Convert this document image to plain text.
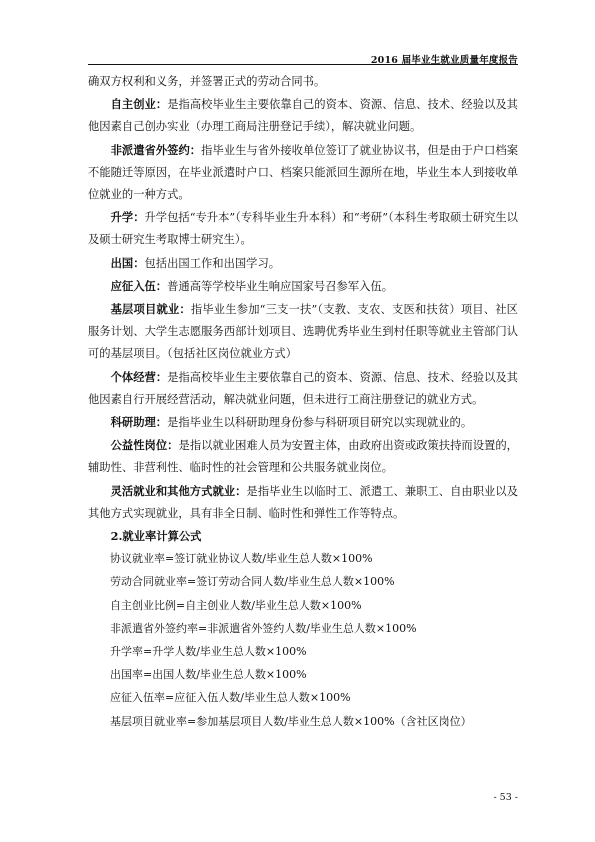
2016 届毕业生就业质量年度报告

确双方权利和义务，并签署正式的劳动合同书。

自主创业：是指高校毕业生主要依靠自己的资本、资源、信息、技术、经验以及其他因素自己创办实业（办理工商局注册登记手续），解决就业问题。

非派遣省外签约：指毕业生与省外接收单位签订了就业协议书，但是由于户口档案不能随迁等原因，在毕业派遣时户口、档案只能派回生源所在地，毕业生本人到接收单位就业的一种方式。

升学：升学包括“专升本”（专科毕业生升本科）和“考研”（本科生考取硕士研究生以及硕士研究生考取博士研究生）。

出国：包括出国工作和出国学习。

应征入伍：普通高等学校毕业生响应国家号召参军入伍。

基层项目就业：指毕业生参加“三支一扶”（支教、支农、支医和扶贫）项目、社区服务计划、大学生志愿服务西部计划项目、选聘优秀毕业生到村任职等就业主管部门认可的基层项目。（包括社区岗位就业方式）

个体经营：是指高校毕业生主要依靠自己的资本、资源、信息、技术、经验以及其他因素自行开展经营活动，解决就业问题，但未进行工商注册登记的就业方式。

科研助理：是指毕业生以科研助理身份参与科研项目研究以实现就业的。

公益性岗位：是指以就业困难人员为安置主体，由政府出资或政策扶持而设置的，辅助性、非营利性、临时性的社会管理和公共服务就业岗位。

灵活就业和其他方式就业：是指毕业生以临时工、派遣工、兼职工、自由职业以及其他方式实现就业，具有非全日制、临时性和弹性工作等特点。

2.就业率计算公式

协议就业率=签订就业协议人数/毕业生总人数×100%

劳动合同就业率=签订劳动合同人数/毕业生总人数×100%

自主创业比例=自主创业人数/毕业生总人数×100%

非派遣省外签约率=非派遣省外签约人数/毕业生总人数×100%

升学率=升学人数/毕业生总人数×100%

出国率=出国人数/毕业生总人数×100%

应征入伍率=应征入伍人数/毕业生总人数×100%

基层项目就业率=参加基层项目人数/毕业生总人数×100%（含社区岗位）

- 53 -
